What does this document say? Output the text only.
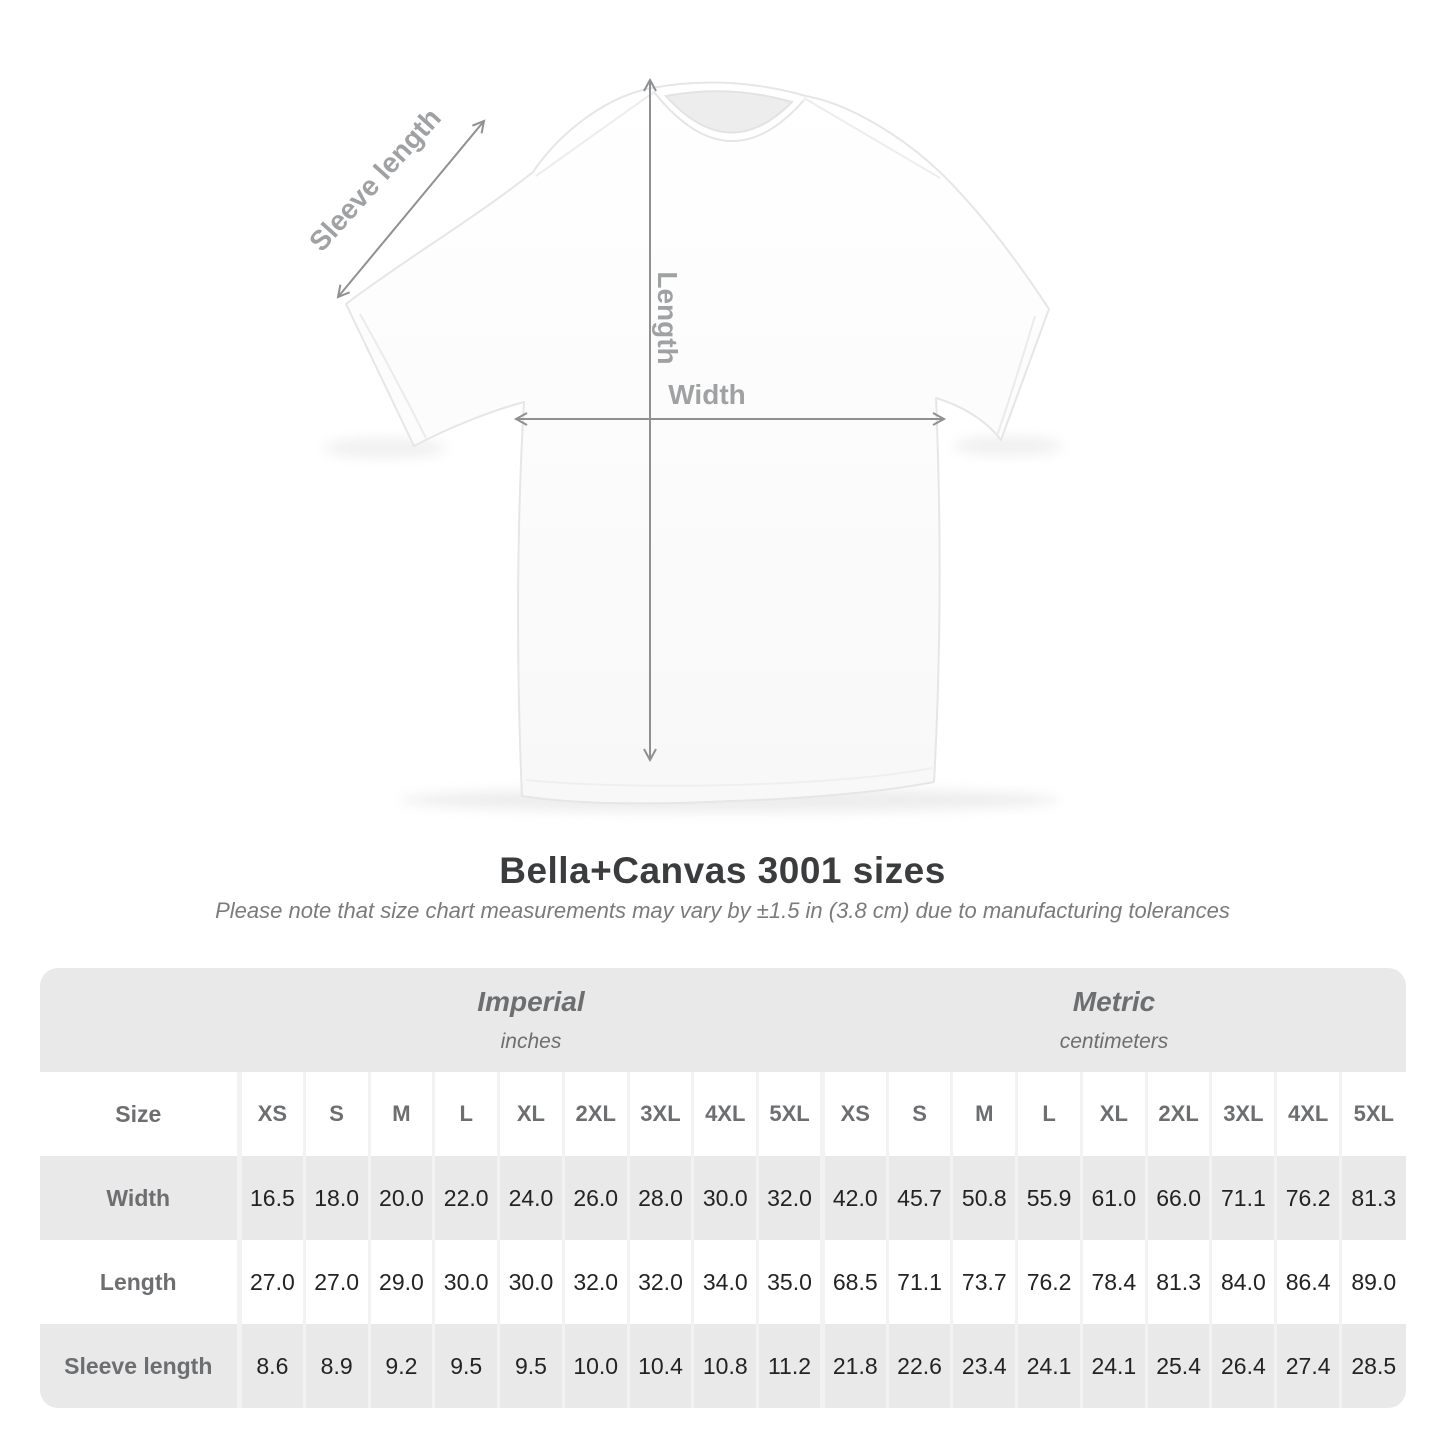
Sleeve length
Length
Width
Bella+Canvas 3001 sizes

Please note that size chart measurements may vary by ±1.5 in (3.8 cm) due to manufacturing tolerances

Imperial
inches
Metric
centimeters																		

Size	XS	S	M	L	XL	2XL	3XL	4XL	5XL	XS	S	M	L	XL	2XL	3XL	4XL	5XL
Width	16.5	18.0	20.0	22.0	24.0	26.0	28.0	30.0	32.0	42.0	45.7	50.8	55.9	61.0	66.0	71.1	76.2	81.3
Length	27.0	27.0	29.0	30.0	30.0	32.0	32.0	34.0	35.0	68.5	71.1	73.7	76.2	78.4	81.3	84.0	86.4	89.0
Sleeve length	8.6	8.9	9.2	9.5	9.5	10.0	10.4	10.8	11.2	21.8	22.6	23.4	24.1	24.1	25.4	26.4	27.4	28.5
